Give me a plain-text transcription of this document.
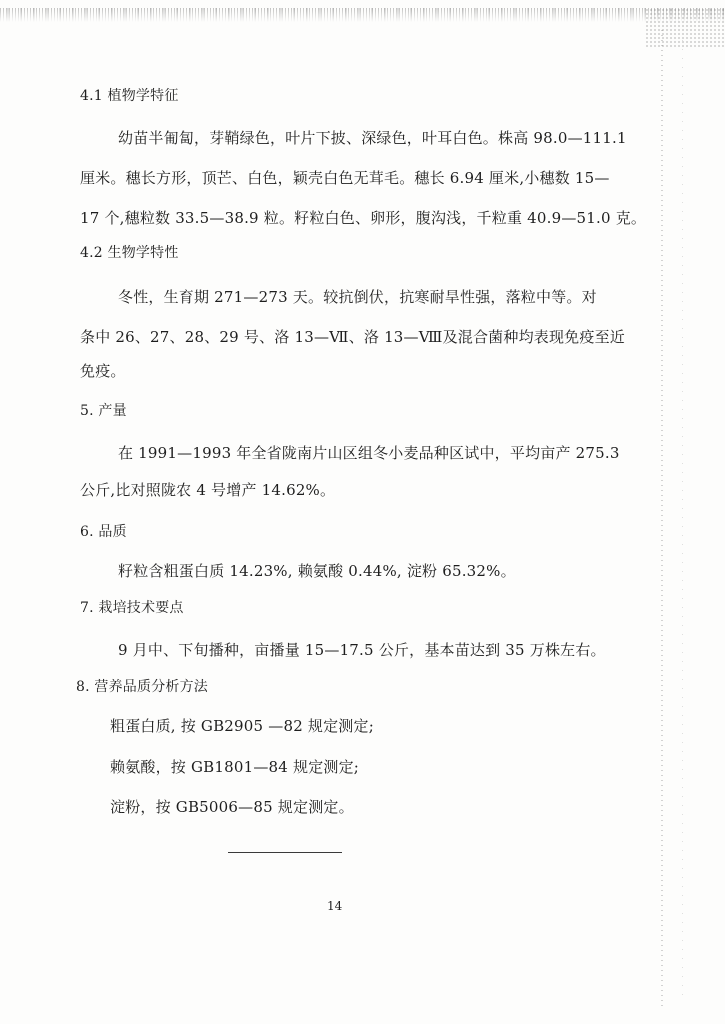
4.1 植物学特征
幼苗半匍匐，芽鞘绿色，叶片下披、深绿色，叶耳白色。株高 98.0—111.1
厘米。穗长方形，顶芒、白色，颖壳白色无茸毛。穗长 6.94 厘米,小穗数 15—
17 个,穗粒数 33.5—38.9 粒。籽粒白色、卵形，腹沟浅，千粒重 40.9—51.0 克。
4.2 生物学特性
冬性，生育期 271—273 天。较抗倒伏，抗寒耐旱性强，落粒中等。对
条中 26、27、28、29 号、洛 13—Ⅶ、洛 13—Ⅷ及混合菌种均表现免疫至近
免疫。
5. 产量
在 1991—1993 年全省陇南片山区组冬小麦品种区试中，平均亩产 275.3
公斤,比对照陇农 4 号增产 14.62%。
6. 品质
籽粒含粗蛋白质 14.23%, 赖氨酸 0.44%, 淀粉 65.32%。
7. 栽培技术要点
9 月中、下旬播种，亩播量 15—17.5 公斤，基本苗达到 35 万株左右。
8. 营养品质分析方法
粗蛋白质, 按 GB2905 —82 规定测定;
赖氨酸，按 GB1801—84 规定测定;
淀粉，按 GB5006—85 规定测定。
14
